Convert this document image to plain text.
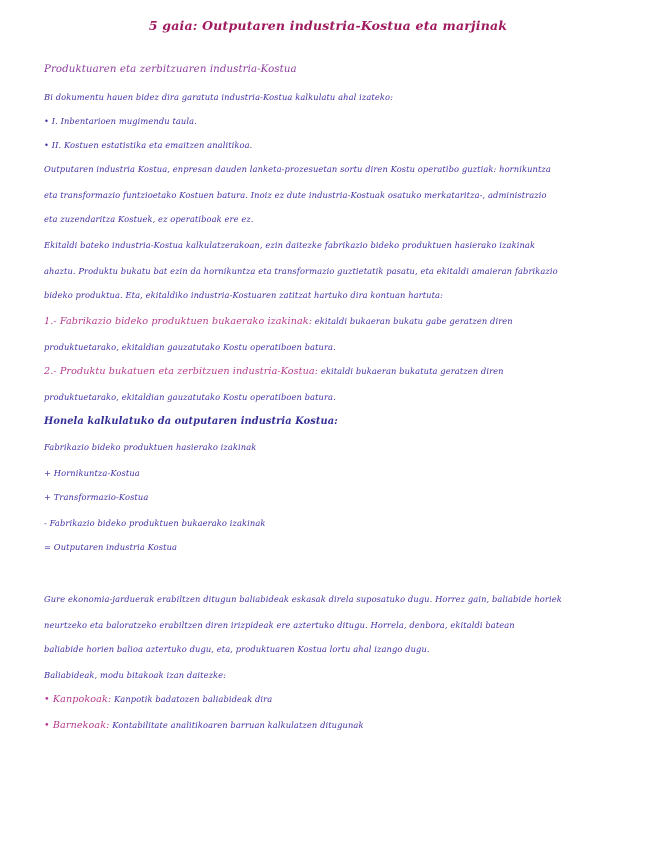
5 gaia: Outputaren industria-Kostua eta marjinak
Produktuaren eta zerbitzuaren industria-Kostua
Bi dokumentu hauen bidez dira garatuta industria-Kostua kalkulatu ahal izateko:
• I. Inbentarioen mugimendu taula.
• II. Kostuen estatistika eta emaitzen analitikoa.
Outputaren industria Kostua, enpresan dauden lanketa-prozesuetan sortu diren Kostu operatibo guztiak: hornikuntza
eta transformazio funtzioetako Kostuen batura. Inoiz ez dute industria-Kostuak osatuko merkataritza-, administrazio
eta zuzendaritza Kostuek, ez operatiboak ere ez.
Ekitaldi bateko industria-Kostua kalkulatzerakoan, ezin daitezke fabrikazio bideko produktuen hasierako izakinak
ahaztu. Produktu bukatu bat ezin da hornikuntza eta transformazio guztietatik pasatu, eta ekitaldi amaieran fabrikazio
bideko produktua. Eta, ekitaldiko industria-Kostuaren zatitzat hartuko dira kontuan hartuta:
1.- Fabrikazio bideko produktuen bukaerako izakinak: ekitaldi bukaeran bukatu gabe geratzen diren
produktuetarako, ekitaldian gauzatutako Kostu operatiboen batura.
2.- Produktu bukatuen eta zerbitzuen industria-Kostua: ekitaldi bukaeran bukatuta geratzen diren
produktuetarako, ekitaldian gauzatutako Kostu operatiboen batura.
Honela kalkulatuko da outputaren industria Kostua:
Fabrikazio bideko produktuen hasierako izakinak
+ Hornikuntza-Kostua
+ Transformazio-Kostua
- Fabrikazio bideko produktuen bukaerako izakinak
= Outputaren industria Kostua
Gure ekonomia-jarduerak erabiltzen ditugun baliabideak eskasak direla suposatuko dugu. Horrez gain, baliabide horiek
neurtzeko eta baloratzeko erabiltzen diren irizpideak ere aztertuko ditugu. Horrela, denbora, ekitaldi batean
baliabide horien balioa aztertuko dugu, eta, produktuaren Kostua lortu ahal izango dugu.
Baliabideak, modu bitakoak izan daitezke:
• Kanpokoak: Kanpotik badatozen baliabideak dira
• Barnekoak: Kontabilitate analitikoaren barruan kalkulatzen ditugunak
